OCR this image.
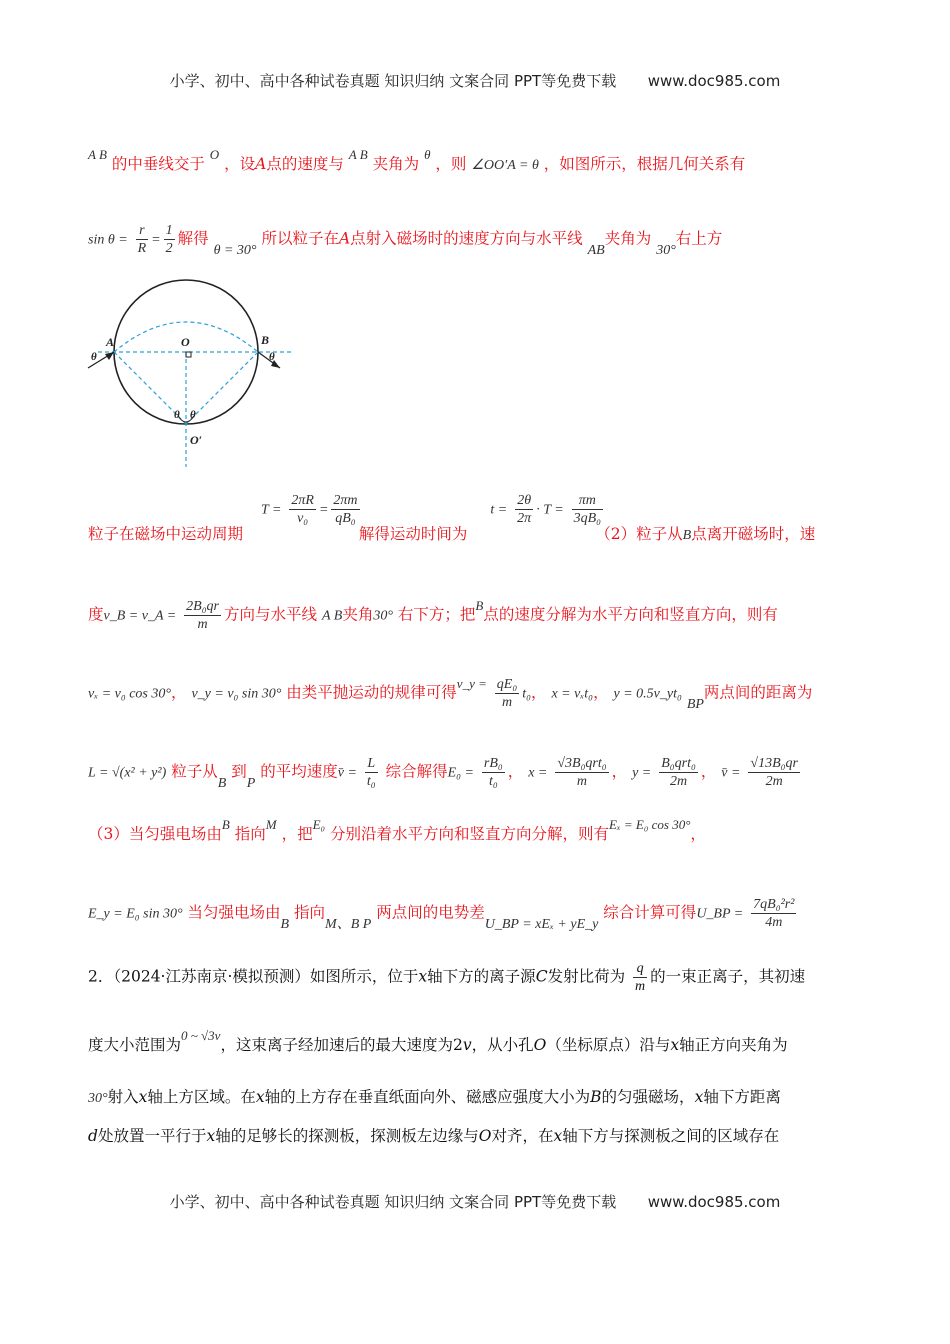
小学、初中、高中各种试卷真题 知识归纳 文案合同 PPT等免费下载 www.doc985.com
$^{A B}$ 的中垂线交于 $^O$ ，设A点的速度与 $^{A B}$ 夹角为 $^\theta$ ，则 ∠OO′A = θ ，如图所示，根据几何关系有
$\sin \theta = \frac{r}{R} = \frac{1}{2}$ 解得 θ = 30° 所以粒子在A点射入磁场时的速度方向与水平线 AB夹角为 30°右上方
A	B
O
O′
θ	θ
θ θ
$T = \frac{2\pi R}{\text{v₀}} = \frac{2\pi m}{\text{qB₀}}$	$t = \frac{2\theta}{2\pi} \cdot T = \frac{\pi m}{\text{3qB₀}}$
粒子在磁场中运动周期	解得运动时间为	（2）粒子从B点离开磁场时，速
度v_B = v_A = $\frac{\text{2B₀qr}}{m}$ 方向与水平线 A B夹角30° 右下方；把$^B$点的速度分解为水平方向和竖直方向，则有
vₓ = v₀ cos 30°， v_y = v₀ sin 30° 由类平抛运动的规律可得$^{v\_y =} \frac{\text{qE₀}}{m} t_0$， x = vₓt₀， y = 0.5v_yt₀ BP两点间的距离为
L = √(x² + y²) 粒子从B 到P 的平均速度v̄ = $\frac{L}{\text{t₀}}$ 综合解得$E_0 = \frac{\text{rB₀}}{\text{t₀}}$ ， $x = \frac{\text{√3B₀qrt₀}}{m}$ ， $y = \frac{\text{B₀qrt₀}}{2m}$ ， v̄ = $\frac{\text{√13B₀qr}}{2m}$
（3）当匀强电场由$^B$ 指向$^M$ ，把$^{E_0}$ 分别沿着水平方向和竖直方向分解，则有$^{E_x = E_0 cos 30^\circ}$，
E_y = E₀ sin 30° 当匀强电场由B 指向M、B P 两点间的电势差U_BP = xEₓ + yE_y 综合计算可得U_BP = $\frac{\text{7qB₀²r²}}{4m}$
2．（2024·江苏南京·模拟预测）如图所示，位于x轴下方的离子源C发射比荷为 $\frac{q}{m}$ 的一束正离子，其初速
度大小范围为$^{0 \sim √3v}$，这束离子经加速后的最大速度为2v，从小孔O（坐标原点）沿与x轴正方向夹角为
30°射入x轴上方区域。在x轴的上方存在垂直纸面向外、磁感应强度大小为B的匀强磁场，x轴下方距离
d处放置一平行于x轴的足够长的探测板，探测板左边缘与O对齐，在x轴下方与探测板之间的区域存在
小学、初中、高中各种试卷真题 知识归纳 文案合同 PPT等免费下载 www.doc985.com
